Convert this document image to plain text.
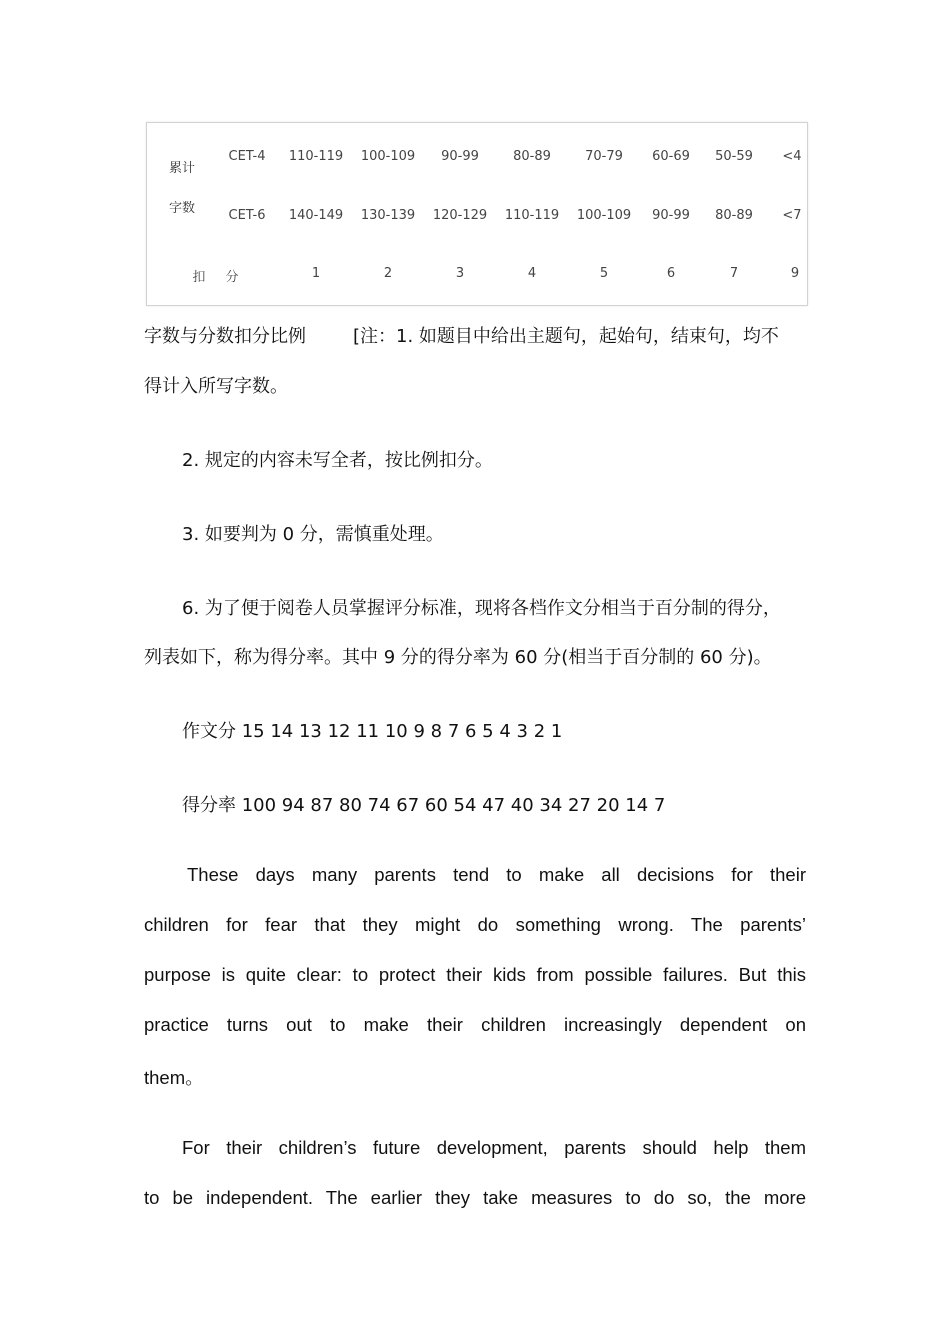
累计
字数
CET-4 110-119 100-109 90-99	80-89	70-79 60-69 50-59 <4
CET-6 140-149 130-139 120-129 110-119 100-109 90-99 80-89 <7
扣 分	1	2	3	4	5	6	7	9
字数与分数扣分比例	[注：1. 如题目中给出主题句，起始句，结束句，均不
得计入所写字数。
2. 规定的内容未写全者，按比例扣分。
3. 如要判为 0 分，需慎重处理。
6. 为了便于阅卷人员掌握评分标准，现将各档作文分相当于百分制的得分，
列表如下，称为得分率。其中 9 分的得分率为 60 分(相当于百分制的 60 分)。
作文分 15 14 13 12 11 10 9 8 7 6 5 4 3 2 1
得分率 100 94 87 80 74 67 60 54 47 40 34 27 20 14 7
These days many parents tend to make all decisions for their
children for fear that they might do something wrong. The parents’
purpose is quite clear: to protect their kids from possible failures. But this
practice turns out to make their children increasingly dependent on
them。
For their children’s future development, parents should help them
to be independent. The earlier they take measures to do so, the more
